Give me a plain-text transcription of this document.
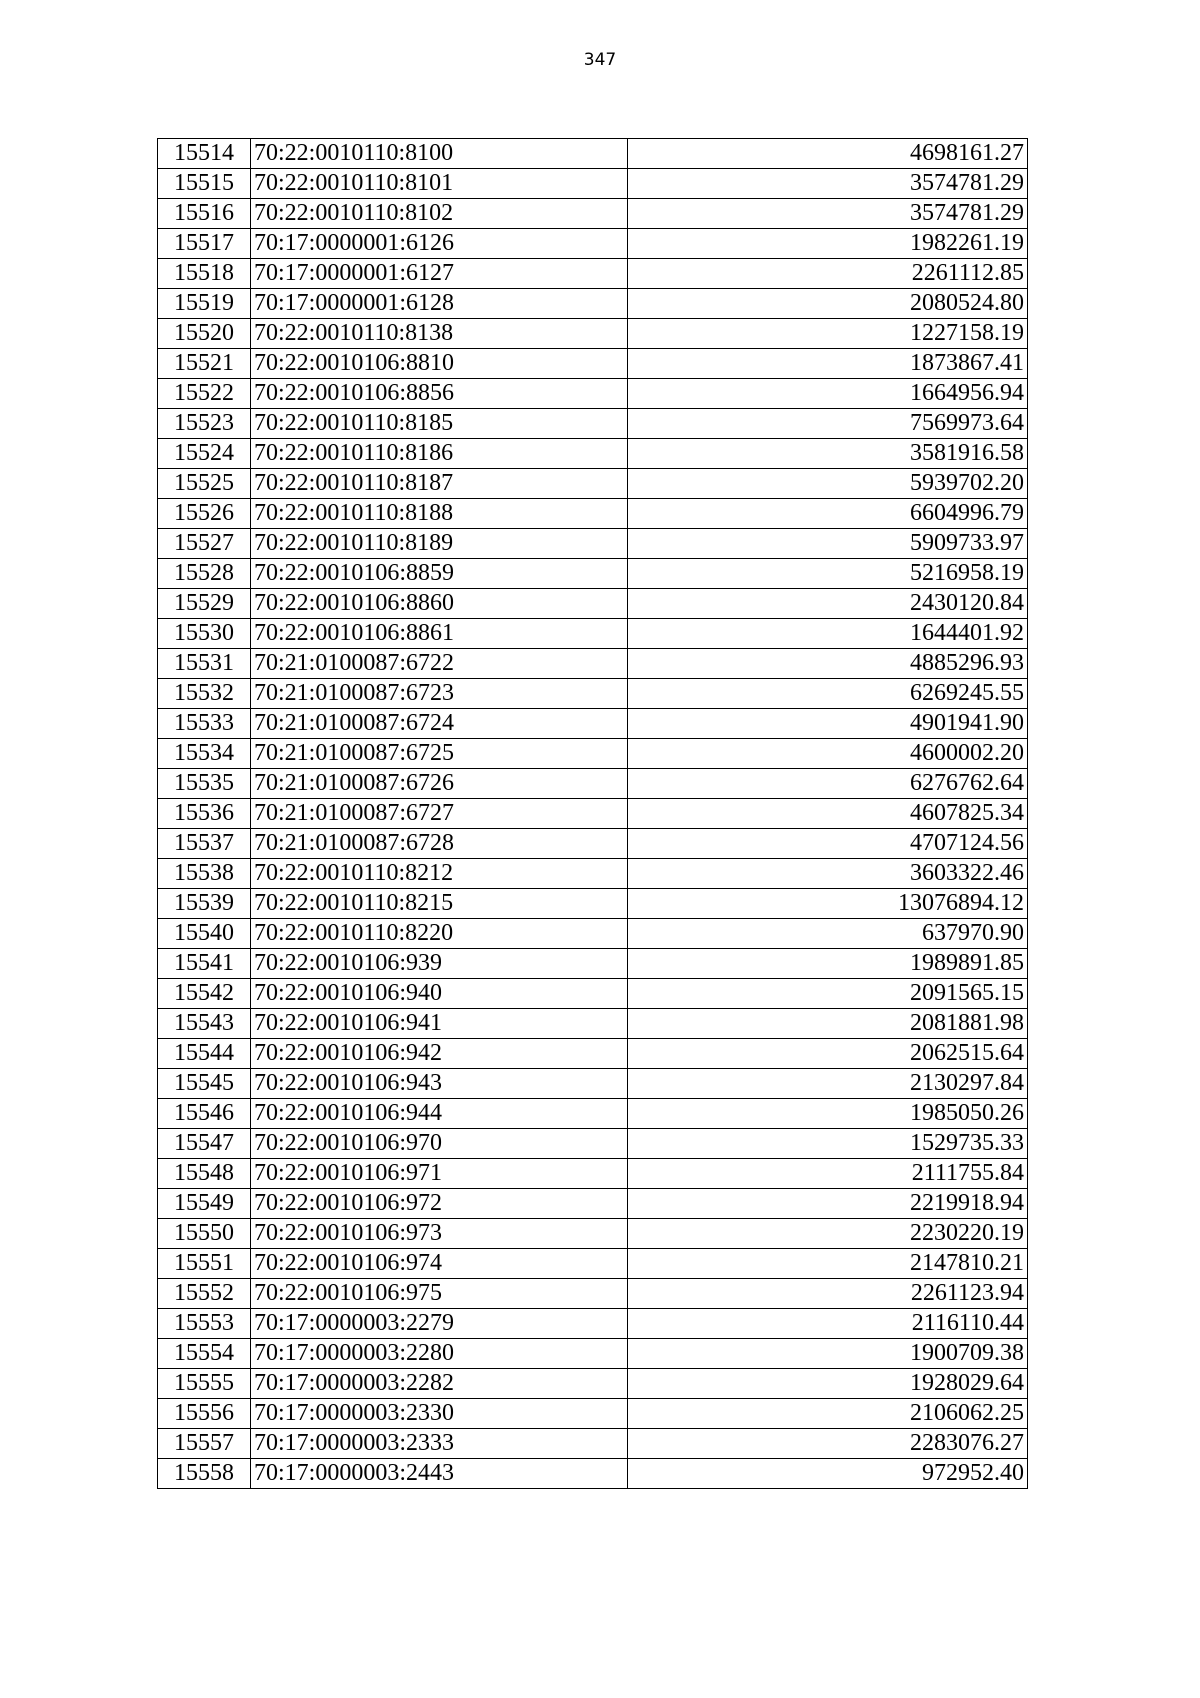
347
15514	70:22:0010110:8100	4698161.27
15515	70:22:0010110:8101	3574781.29
15516	70:22:0010110:8102	3574781.29
15517	70:17:0000001:6126	1982261.19
15518	70:17:0000001:6127	2261112.85
15519	70:17:0000001:6128	2080524.80
15520	70:22:0010110:8138	1227158.19
15521	70:22:0010106:8810	1873867.41
15522	70:22:0010106:8856	1664956.94
15523	70:22:0010110:8185	7569973.64
15524	70:22:0010110:8186	3581916.58
15525	70:22:0010110:8187	5939702.20
15526	70:22:0010110:8188	6604996.79
15527	70:22:0010110:8189	5909733.97
15528	70:22:0010106:8859	5216958.19
15529	70:22:0010106:8860	2430120.84
15530	70:22:0010106:8861	1644401.92
15531	70:21:0100087:6722	4885296.93
15532	70:21:0100087:6723	6269245.55
15533	70:21:0100087:6724	4901941.90
15534	70:21:0100087:6725	4600002.20
15535	70:21:0100087:6726	6276762.64
15536	70:21:0100087:6727	4607825.34
15537	70:21:0100087:6728	4707124.56
15538	70:22:0010110:8212	3603322.46
15539	70:22:0010110:8215	13076894.12
15540	70:22:0010110:8220	637970.90
15541	70:22:0010106:939	1989891.85
15542	70:22:0010106:940	2091565.15
15543	70:22:0010106:941	2081881.98
15544	70:22:0010106:942	2062515.64
15545	70:22:0010106:943	2130297.84
15546	70:22:0010106:944	1985050.26
15547	70:22:0010106:970	1529735.33
15548	70:22:0010106:971	2111755.84
15549	70:22:0010106:972	2219918.94
15550	70:22:0010106:973	2230220.19
15551	70:22:0010106:974	2147810.21
15552	70:22:0010106:975	2261123.94
15553	70:17:0000003:2279	2116110.44
15554	70:17:0000003:2280	1900709.38
15555	70:17:0000003:2282	1928029.64
15556	70:17:0000003:2330	2106062.25
15557	70:17:0000003:2333	2283076.27
15558	70:17:0000003:2443	972952.40
